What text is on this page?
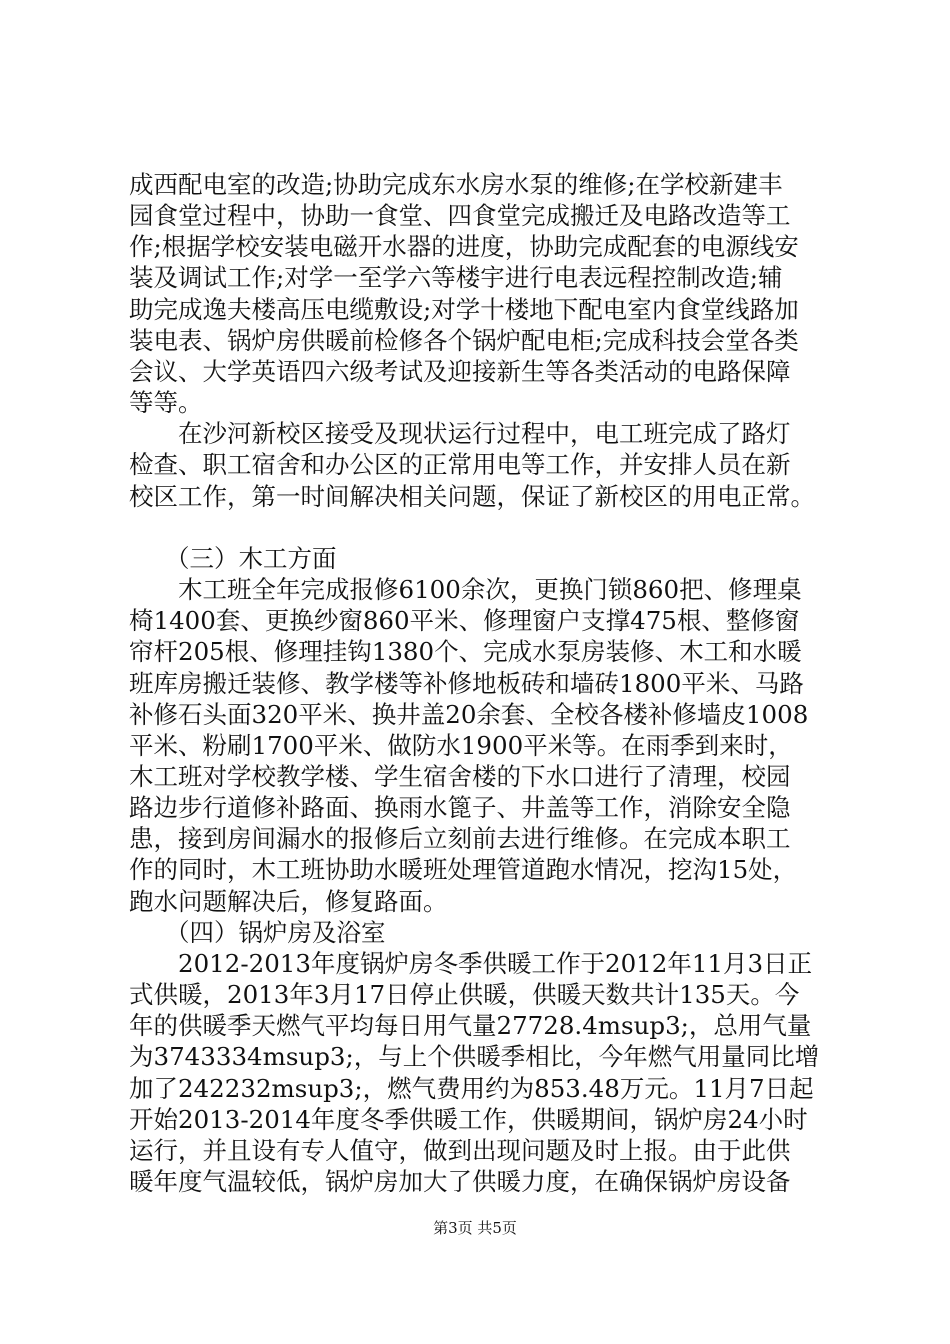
成西配电室的改造;协助完成东水房水泵的维修;在学校新建丰
园食堂过程中，协助一食堂、四食堂完成搬迁及电路改造等工
作;根据学校安装电磁开水器的进度，协助完成配套的电源线安
装及调试工作;对学一至学六等楼宇进行电表远程控制改造;辅
助完成逸夫楼高压电缆敷设;对学十楼地下配电室内食堂线路加
装电表、锅炉房供暖前检修各个锅炉配电柜;完成科技会堂各类
会议、大学英语四六级考试及迎接新生等各类活动的电路保障
等等。
在沙河新校区接受及现状运行过程中，电工班完成了路灯
检查、职工宿舍和办公区的正常用电等工作，并安排人员在新
校区工作，第一时间解决相关问题，保证了新校区的用电正常。
（三）木工方面
木工班全年完成报修6100余次，更换门锁860把、修理桌
椅1400套、更换纱窗860平米、修理窗户支撑475根、整修窗
帘杆205根、修理挂钩1380个、完成水泵房装修、木工和水暖
班库房搬迁装修、教学楼等补修地板砖和墙砖1800平米、马路
补修石头面320平米、换井盖20余套、全校各楼补修墙皮1008
平米、粉刷1700平米、做防水1900平米等。在雨季到来时，
木工班对学校教学楼、学生宿舍楼的下水口进行了清理，校园
路边步行道修补路面、换雨水篦子、井盖等工作，消除安全隐
患，接到房间漏水的报修后立刻前去进行维修。在完成本职工
作的同时，木工班协助水暖班处理管道跑水情况，挖沟15处，
跑水问题解决后，修复路面。
（四）锅炉房及浴室
2012-2013年度锅炉房冬季供暖工作于2012年11月3日正
式供暖，2013年3月17日停止供暖，供暖天数共计135天。今
年的供暖季天燃气平均每日用气量27728.4msup3;，总用气量
为3743334msup3;，与上个供暖季相比，今年燃气用量同比增
加了242232msup3;，燃气费用约为853.48万元。11月7日起
开始2013-2014年度冬季供暖工作，供暖期间，锅炉房24小时
运行，并且设有专人值守，做到出现问题及时上报。由于此供
暖年度气温较低，锅炉房加大了供暖力度，在确保锅炉房设备
第3页 共5页
